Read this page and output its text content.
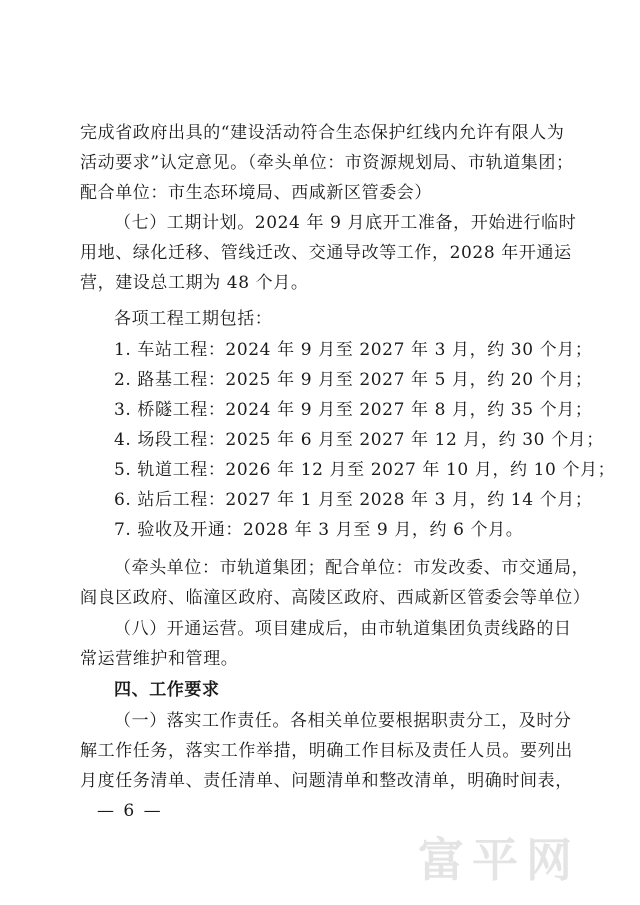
完成省政府出具的“建设活动符合生态保护红线内允许有限人为
活动要求”认定意见。（牵头单位：市资源规划局、市轨道集团；
配合单位：市生态环境局、西咸新区管委会）
（七）工期计划。2024 年 9 月底开工准备，开始进行临时
用地、绿化迁移、管线迁改、交通导改等工作，2028 年开通运
营，建设总工期为 48 个月。
各项工程工期包括：
1. 车站工程：2024 年 9 月至 2027 年 3 月，约 30 个月；
2. 路基工程：2025 年 9 月至 2027 年 5 月，约 20 个月；
3. 桥隧工程：2024 年 9 月至 2027 年 8 月，约 35 个月；
4. 场段工程：2025 年 6 月至 2027 年 12 月，约 30 个月；
5. 轨道工程：2026 年 12 月至 2027 年 10 月，约 10 个月；
6. 站后工程：2027 年 1 月至 2028 年 3 月，约 14 个月；
7. 验收及开通：2028 年 3 月至 9 月，约 6 个月。
（牵头单位：市轨道集团；配合单位：市发改委、市交通局，
阎良区政府、临潼区政府、高陵区政府、西咸新区管委会等单位）
（八）开通运营。项目建成后，由市轨道集团负责线路的日
常运营维护和管理。
四、工作要求
（一）落实工作责任。各相关单位要根据职责分工，及时分
解工作任务，落实工作举措，明确工作目标及责任人员。要列出
月度任务清单、责任清单、问题清单和整改清单，明确时间表，
— 6 —
富平网
